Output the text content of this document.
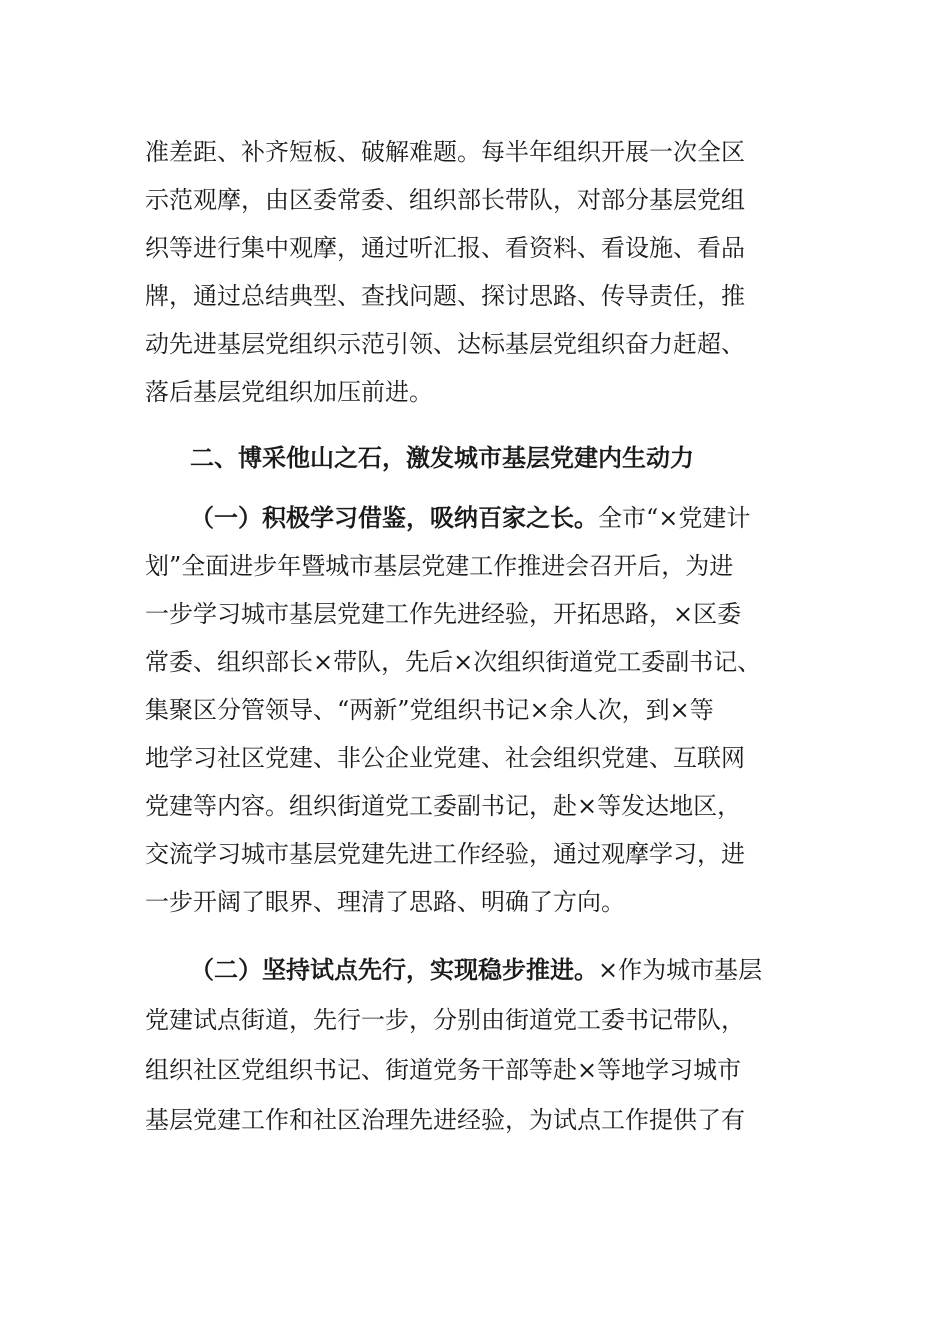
准差距、补齐短板、破解难题。每半年组织开展一次全区
示范观摩，由区委常委、组织部长带队，对部分基层党组
织等进行集中观摩，通过听汇报、看资料、看设施、看品
牌，通过总结典型、查找问题、探讨思路、传导责任，推
动先进基层党组织示范引领、达标基层党组织奋力赶超、
落后基层党组织加压前进。
二、博采他山之石，激发城市基层党建内生动力
（一）积极学习借鉴，吸纳百家之长。全市“×党建计
划”全面进步年暨城市基层党建工作推进会召开后，为进
一步学习城市基层党建工作先进经验，开拓思路，×区委
常委、组织部长×带队，先后×次组织街道党工委副书记、
集聚区分管领导、“两新”党组织书记×余人次，到×等
地学习社区党建、非公企业党建、社会组织党建、互联网
党建等内容。组织街道党工委副书记，赴×等发达地区，
交流学习城市基层党建先进工作经验，通过观摩学习，进
一步开阔了眼界、理清了思路、明确了方向。
（二）坚持试点先行，实现稳步推进。×作为城市基层
党建试点街道，先行一步，分别由街道党工委书记带队，
组织社区党组织书记、街道党务干部等赴×等地学习城市
基层党建工作和社区治理先进经验，为试点工作提供了有
